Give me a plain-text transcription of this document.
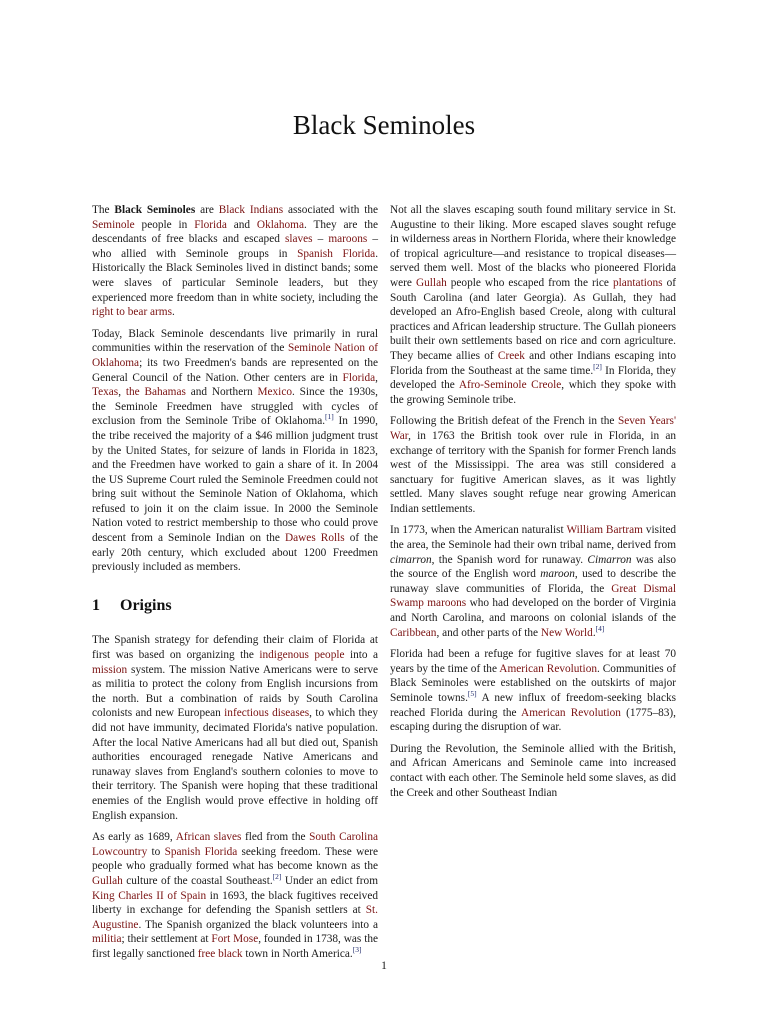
Black Seminoles

The Black Seminoles are Black Indians associated with the Seminole people in Florida and Oklahoma. They are the descendants of free blacks and escaped slaves – maroons – who allied with Seminole groups in Spanish Florida. Historically the Black Seminoles lived in distinct bands; some were slaves of particular Seminole leaders, but they experienced more freedom than in white society, including the right to bear arms.

Today, Black Seminole descendants live primarily in rural communities within the reservation of the Seminole Nation of Oklahoma; its two Freedmen's bands are represented on the General Council of the Nation. Other centers are in Florida, Texas, the Bahamas and Northern Mexico. Since the 1930s, the Seminole Freedmen have struggled with cycles of exclusion from the Seminole Tribe of Oklahoma.[1] In 1990, the tribe received the majority of a $46 million judgment trust by the United States, for seizure of lands in Florida in 1823, and the Freedmen have worked to gain a share of it. In 2004 the US Supreme Court ruled the Seminole Freedmen could not bring suit without the Seminole Nation of Oklahoma, which refused to join it on the claim issue. In 2000 the Seminole Nation voted to restrict membership to those who could prove descent from a Seminole Indian on the Dawes Rolls of the early 20th century, which excluded about 1200 Freedmen previously included as members.

1 Origins

The Spanish strategy for defending their claim of Florida at first was based on organizing the indigenous people into a mission system. The mission Native Americans were to serve as militia to protect the colony from English incursions from the north. But a combination of raids by South Carolina colonists and new European infectious diseases, to which they did not have immunity, decimated Florida's native population. After the local Native Americans had all but died out, Spanish authorities encouraged renegade Native Americans and runaway slaves from England's southern colonies to move to their territory. The Spanish were hoping that these traditional enemies of the English would prove effective in holding off English expansion.

As early as 1689, African slaves fled from the South Carolina Lowcountry to Spanish Florida seeking freedom. These were people who gradually formed what has become known as the Gullah culture of the coastal Southeast.[2] Under an edict from King Charles II of Spain in 1693, the black fugitives received liberty in exchange for defending the Spanish settlers at St. Augustine. The Spanish organized the black volunteers into a militia; their settlement at Fort Mose, founded in 1738, was the first legally sanctioned free black town in North America.[3]

Not all the slaves escaping south found military service in St. Augustine to their liking. More escaped slaves sought refuge in wilderness areas in Northern Florida, where their knowledge of tropical agriculture—and resistance to tropical diseases—served them well. Most of the blacks who pioneered Florida were Gullah people who escaped from the rice plantations of South Carolina (and later Georgia). As Gullah, they had developed an Afro-English based Creole, along with cultural practices and African leadership structure. The Gullah pioneers built their own settlements based on rice and corn agriculture. They became allies of Creek and other Indians escaping into Florida from the Southeast at the same time.[2] In Florida, they developed the Afro-Seminole Creole, which they spoke with the growing Seminole tribe.

Following the British defeat of the French in the Seven Years' War, in 1763 the British took over rule in Florida, in an exchange of territory with the Spanish for former French lands west of the Mississippi. The area was still considered a sanctuary for fugitive American slaves, as it was lightly settled. Many slaves sought refuge near growing American Indian settlements.

In 1773, when the American naturalist William Bartram visited the area, the Seminole had their own tribal name, derived from cimarron, the Spanish word for runaway. Cimarron was also the source of the English word maroon, used to describe the runaway slave communities of Florida, the Great Dismal Swamp maroons who had developed on the border of Virginia and North Carolina, and maroons on colonial islands of the Caribbean, and other parts of the New World.[4]

Florida had been a refuge for fugitive slaves for at least 70 years by the time of the American Revolution. Communities of Black Seminoles were established on the outskirts of major Seminole towns.[5] A new influx of freedom-seeking blacks reached Florida during the American Revolution (1775–83), escaping during the disruption of war.

During the Revolution, the Seminole allied with the British, and African Americans and Seminole came into increased contact with each other. The Seminole held some slaves, as did the Creek and other Southeast Indian

1
